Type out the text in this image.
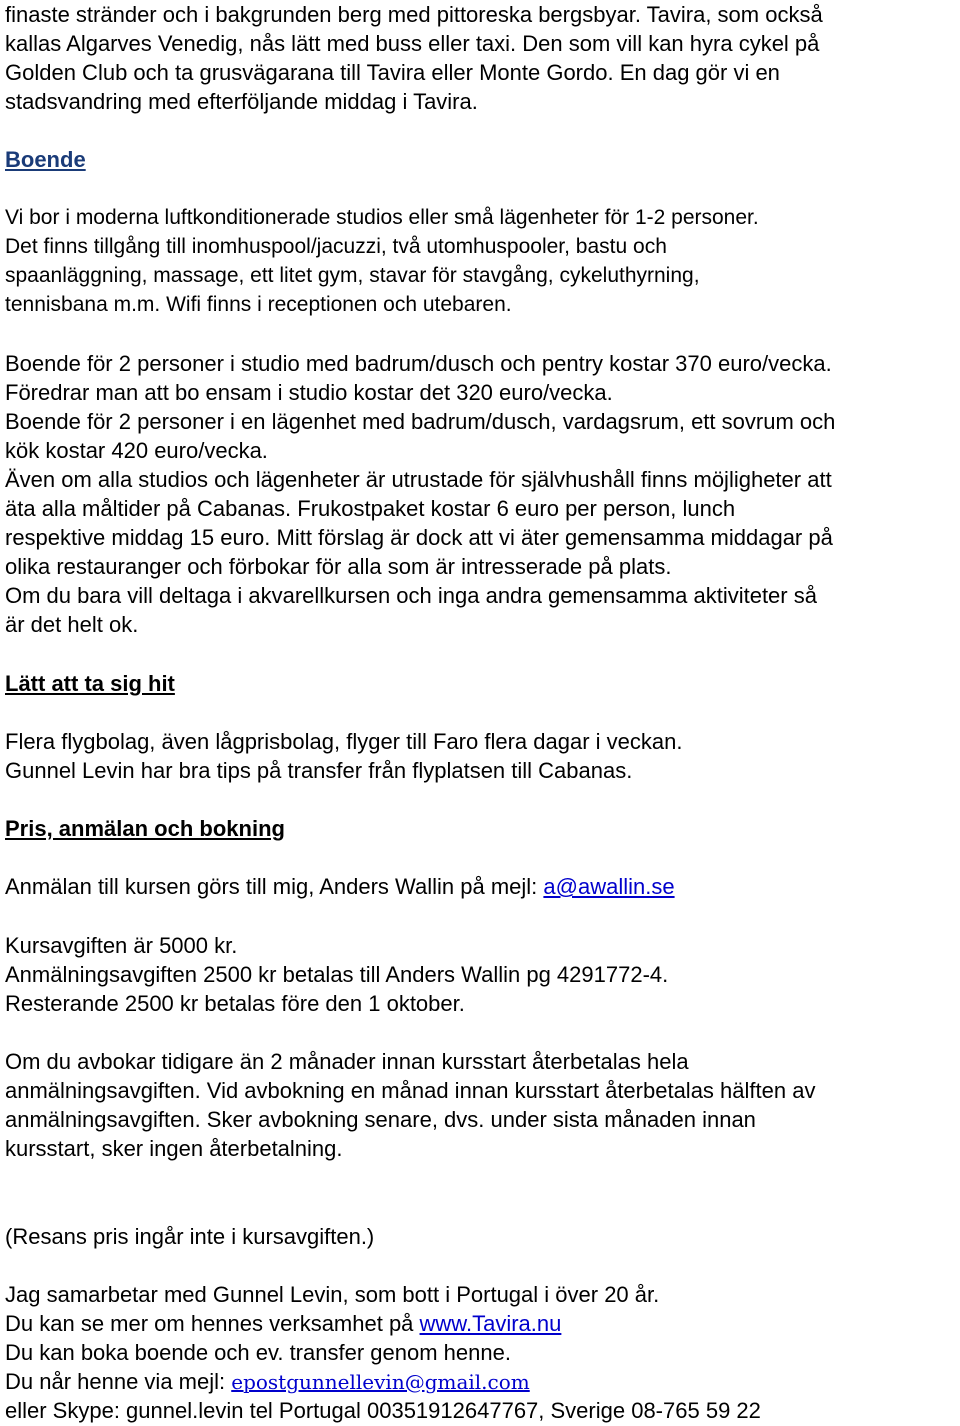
finaste stränder och i bakgrunden berg med pittoreska bergsbyar. Tavira, som också

kallas Algarves Venedig, nås lätt med buss eller taxi. Den som vill kan hyra cykel på

Golden Club och ta grusvägarana till Tavira eller Monte Gordo. En dag gör vi en

stadsvandring med efterföljande middag i Tavira.

Boende

Vi bor i moderna luftkonditionerade studios eller små lägenheter för 1-2 personer.

Det finns tillgång till inomhuspool/jacuzzi, två utomhuspooler, bastu och

spaanläggning, massage, ett litet gym, stavar för stavgång, cykeluthyrning,

tennisbana m.m. Wifi finns i receptionen och utebaren.

Boende för 2 personer i studio med badrum/dusch och pentry kostar 370 euro/vecka.

Föredrar man att bo ensam i studio kostar det 320 euro/vecka.

Boende för 2 personer i en lägenhet med badrum/dusch, vardagsrum, ett sovrum och

kök kostar 420 euro/vecka.

Även om alla studios och lägenheter är utrustade för självhushåll finns möjligheter att

äta alla måltider på Cabanas. Frukostpaket kostar 6 euro per person, lunch

respektive middag 15 euro. Mitt förslag är dock att vi äter gemensamma middagar på

olika restauranger och förbokar för alla som är intresserade på plats.

Om du bara vill deltaga i akvarellkursen och inga andra gemensamma aktiviteter så

är det helt ok.

Lätt att ta sig hit

Flera flygbolag, även lågprisbolag, flyger till Faro flera dagar i veckan.

Gunnel Levin har bra tips på transfer från flyplatsen till Cabanas.

Pris, anmälan och bokning

Anmälan till kursen görs till mig, Anders Wallin på mejl: a@awallin.se

Kursavgiften är 5000 kr.

Anmälningsavgiften 2500 kr betalas till Anders Wallin pg 4291772-4.

Resterande 2500 kr betalas före den 1 oktober.

Om du avbokar tidigare än 2 månader innan kursstart återbetalas hela

anmälningsavgiften. Vid avbokning en månad innan kursstart återbetalas hälften av

anmälningsavgiften. Sker avbokning senare, dvs. under sista månaden innan

kursstart, sker ingen återbetalning.

(Resans pris ingår inte i kursavgiften.)

Jag samarbetar med Gunnel Levin, som bott i Portugal i över 20 år.

Du kan se mer om hennes verksamhet på www.Tavira.nu

Du kan boka boende och ev. transfer genom henne.

Du når henne via mejl: epostgunnellevin@gmail.com

eller Skype: gunnel.levin tel Portugal 00351912647767, Sverige 08-765 59 22
